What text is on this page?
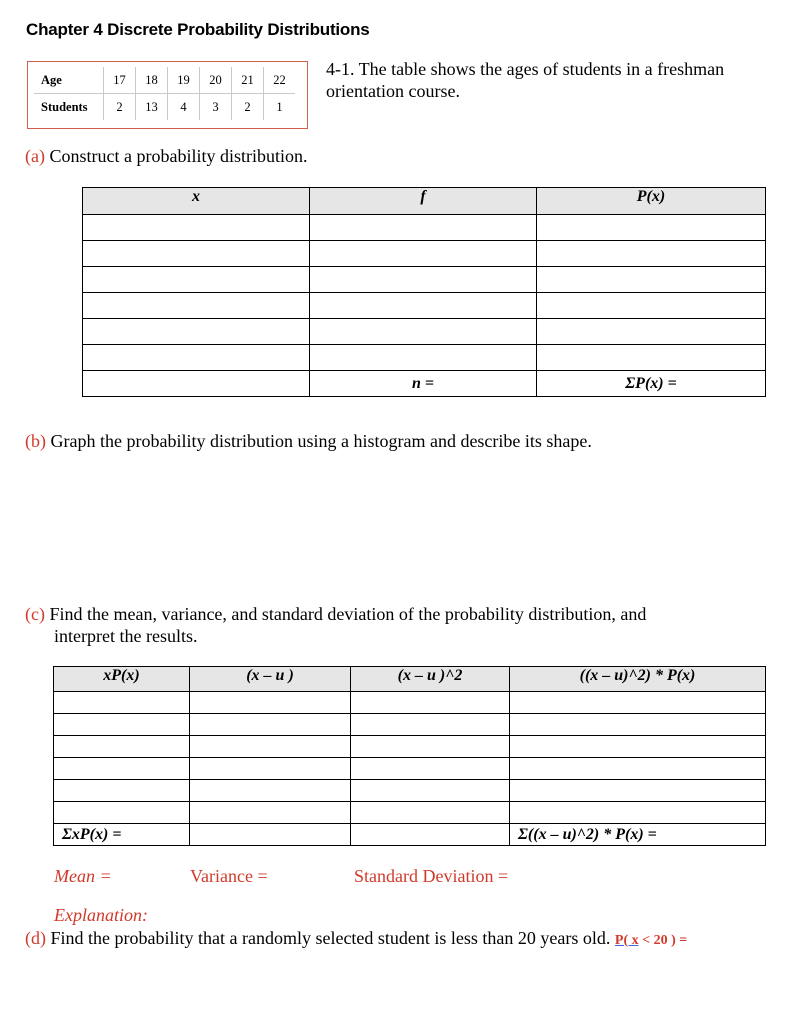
Chapter 4 Discrete Probability Distributions
Age	17	18	19	20	21	22
Students	2	13	4	3	2	1
4-1. The table shows the ages of students in a freshman
orientation course.
(a) Construct a probability distribution.
x	f	P(x)

	n =	ΣP(x) =
(b) Graph the probability distribution using a histogram and describe its shape.
(c) Find the mean, variance, and standard deviation of the probability distribution, and
interpret the results.
xP(x)	(x – u )	(x – u )^2	((x – u)^2) * P(x)

ΣxP(x) =			Σ((x – u)^2) * P(x) =
Mean =	Variance =	Standard Deviation =
Explanation:
(d) Find the probability that a randomly selected student is less than 20 years old. P( x < 20 ) =
